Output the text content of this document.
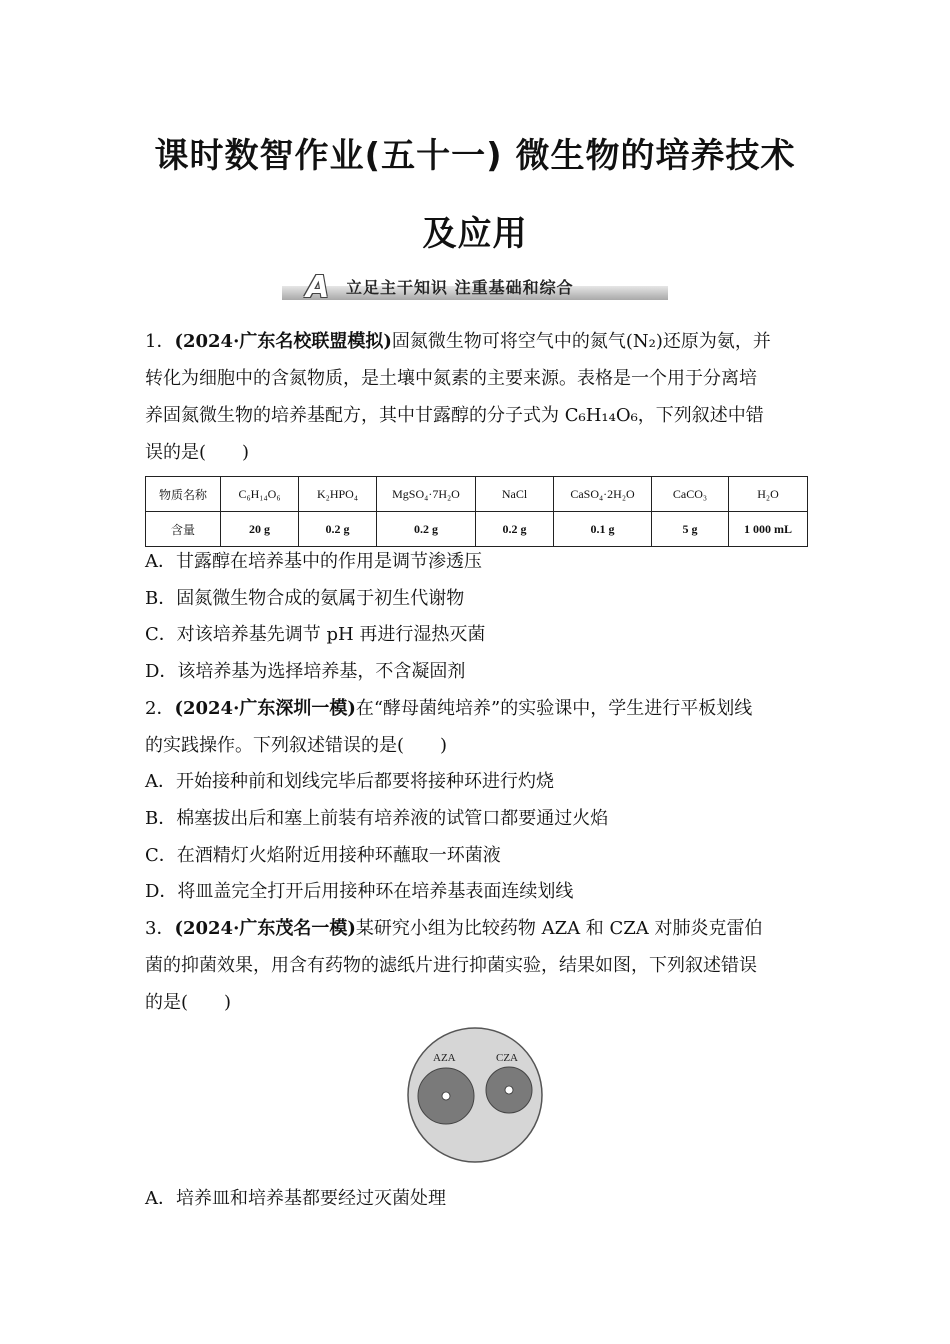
课时数智作业(五十一) 微生物的培养技术
及应用
A 立足主干知识 注重基础和综合
1．(2024·广东名校联盟模拟)固氮微生物可将空气中的氮气(N₂)还原为氨，并
转化为细胞中的含氮物质，是土壤中氮素的主要来源。表格是一个用于分离培
养固氮微生物的培养基配方，其中甘露醇的分子式为 C₆H₁₄O₆，下列叙述中错
误的是(　　)
物质名称	C₆H₁₄O₆	K₂HPO₄	MgSO₄·7H₂O	NaCl	CaSO₄·2H₂O	CaCO₃	H₂O
含量	20 g	0.2 g	0.2 g	0.2 g	0.1 g	5 g	1 000 mL
A．甘露醇在培养基中的作用是调节渗透压
B．固氮微生物合成的氨属于初生代谢物
C．对该培养基先调节 pH 再进行湿热灭菌
D．该培养基为选择培养基，不含凝固剂
2．(2024·广东深圳一模)在“酵母菌纯培养”的实验课中，学生进行平板划线
的实践操作。下列叙述错误的是(　　)
A．开始接种前和划线完毕后都要将接种环进行灼烧
B．棉塞拔出后和塞上前装有培养液的试管口都要通过火焰
C．在酒精灯火焰附近用接种环蘸取一环菌液
D．将皿盖完全打开后用接种环在培养基表面连续划线
3．(2024·广东茂名一模)某研究小组为比较药物 AZA 和 CZA 对肺炎克雷伯
菌的抑菌效果，用含有药物的滤纸片进行抑菌实验，结果如图，下列叙述错误
的是(　　)
AZA	CZA
A．培养皿和培养基都要经过灭菌处理
